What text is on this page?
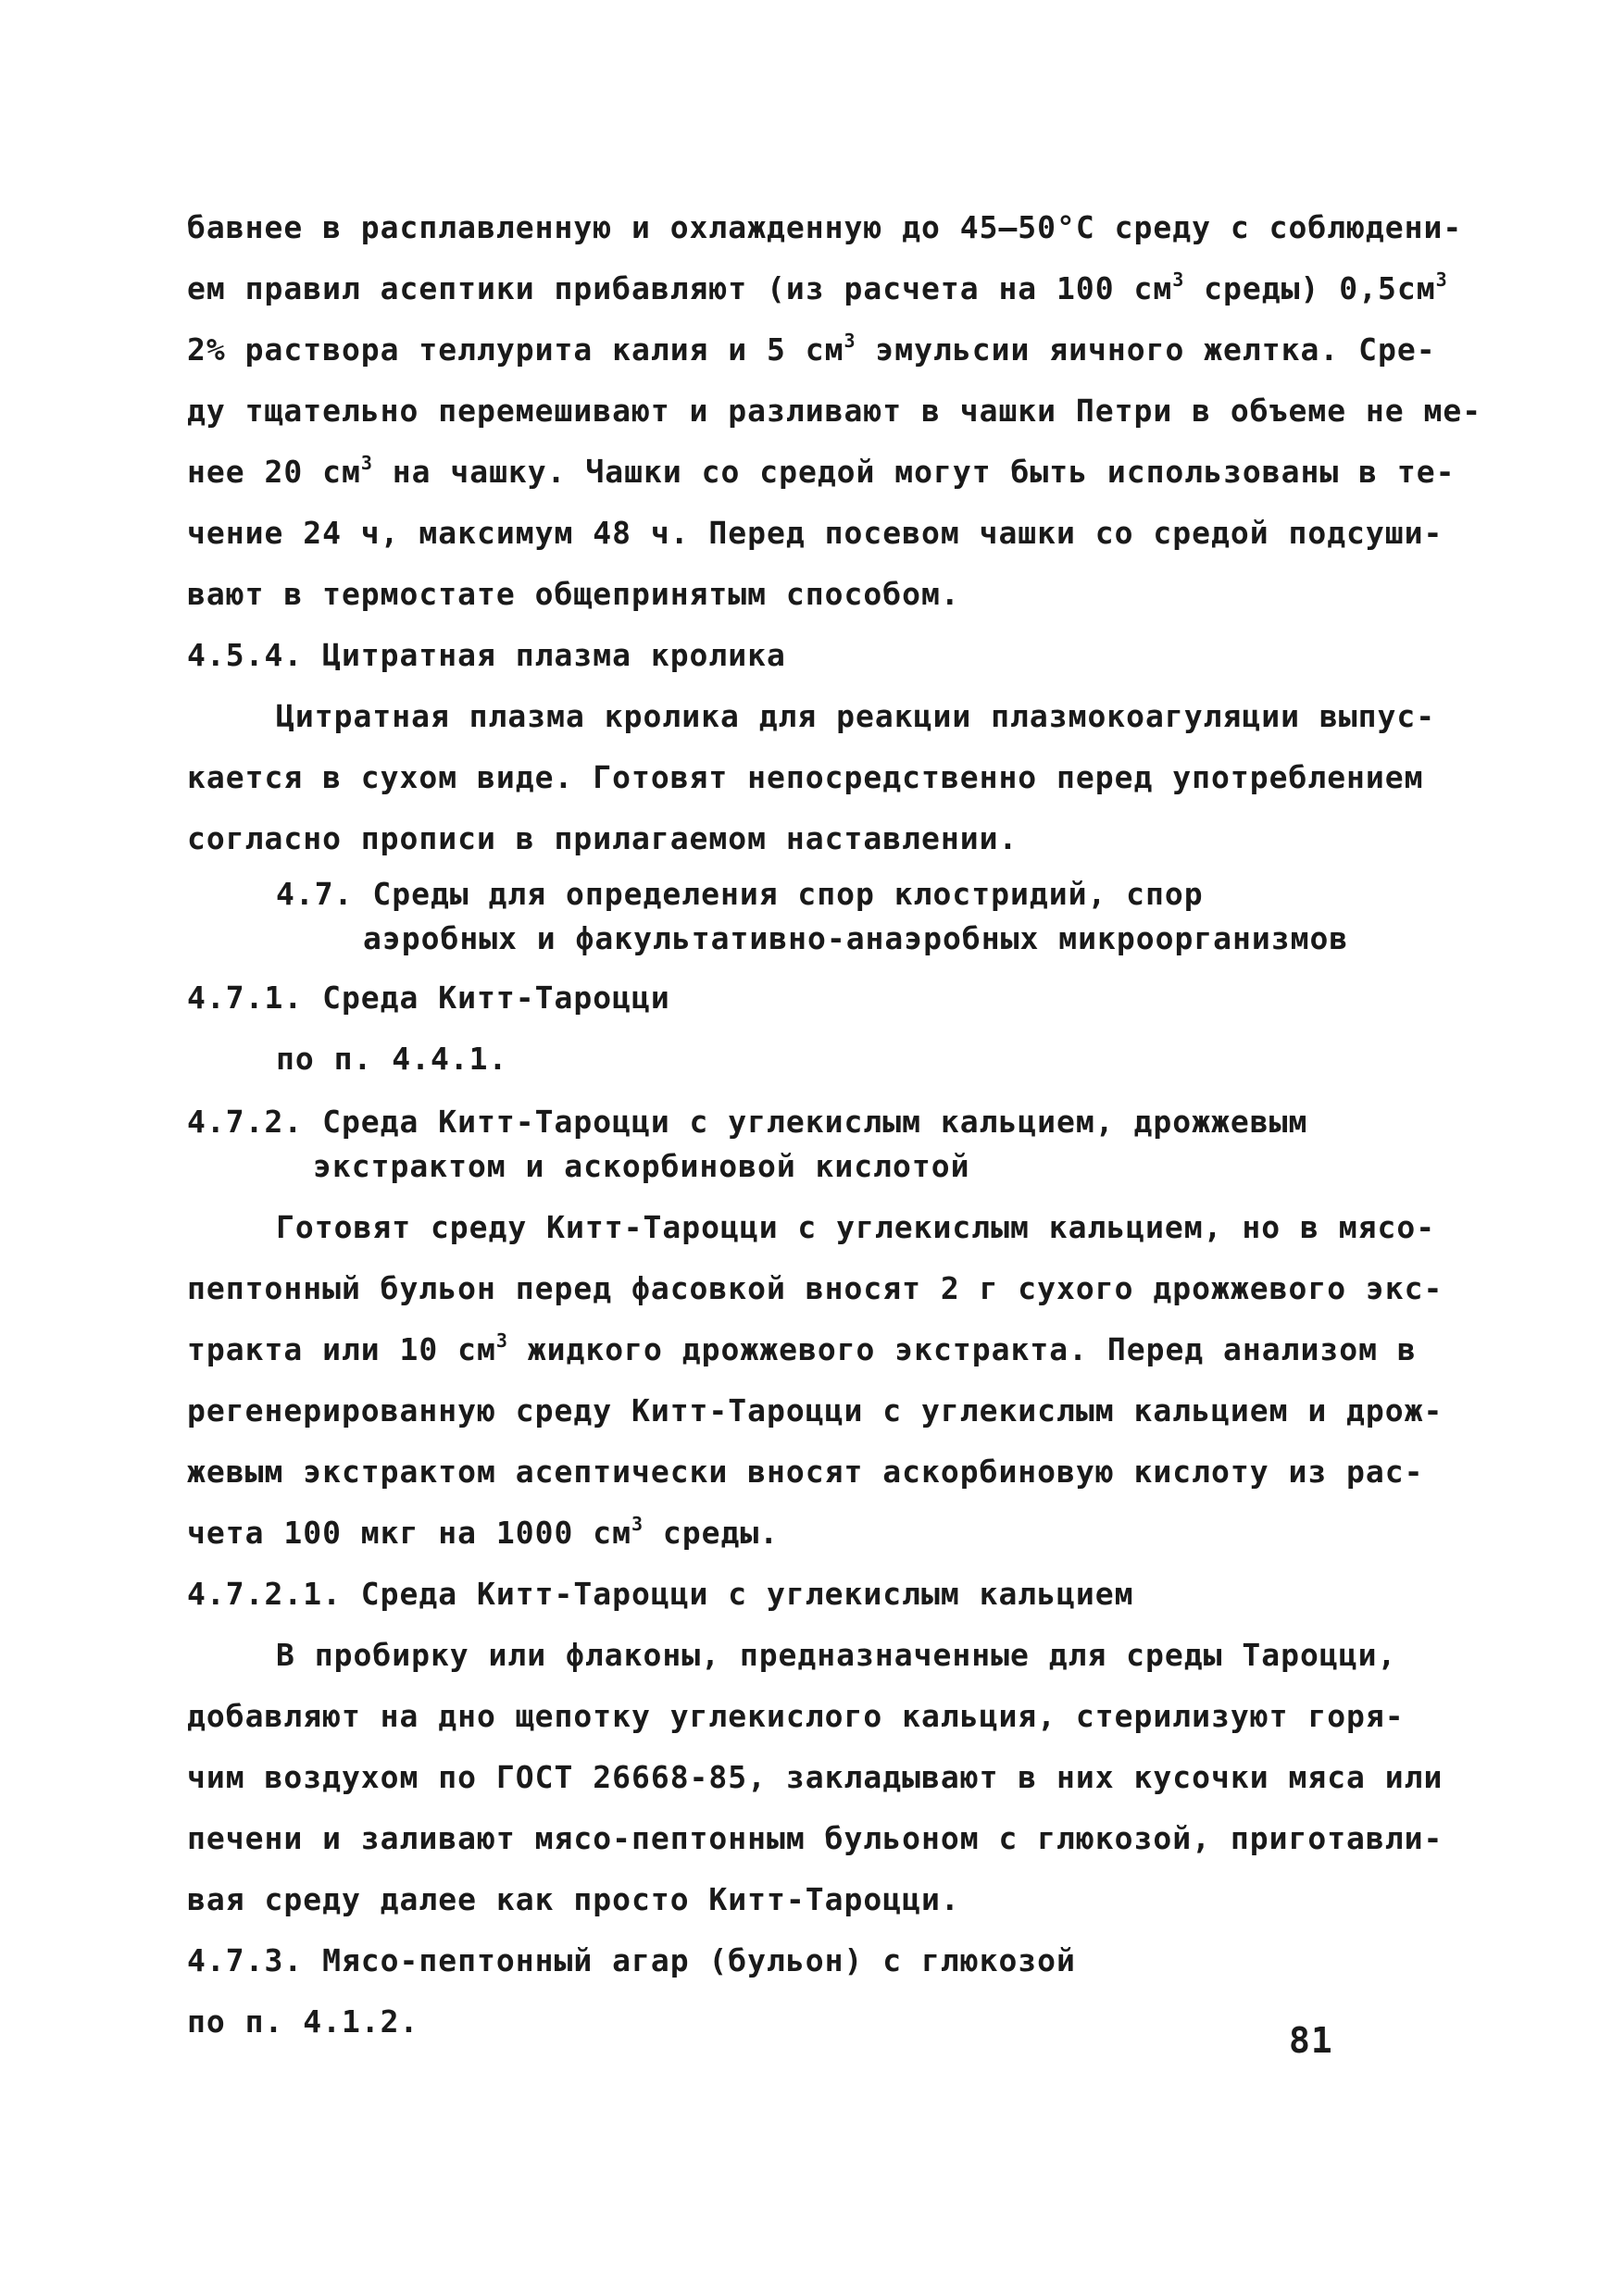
бавнее в расплавленную и охлажденную до 45–50°С среду с соблюдени-
ем правил асептики прибавляют (из расчета на 100 $см^3$ среды) $0,5см^3$
2% раствора теллурита калия и 5 $см^3$ эмульсии яичного желтка. Сре-
ду тщательно перемешивают и разливают в чашки Петри в объеме не ме-
нее 20 $см^3$ на чашку. Чашки со средой могут быть использованы в те-
чение 24 ч, максимум 48 ч. Перед посевом чашки со средой подсуши-
вают в термостате общепринятым способом.
4.5.4. Цитратная плазма кролика
Цитратная плазма кролика для реакции плазмокоагуляции выпус-
кается в сухом виде. Готовят непосредственно перед употреблением
согласно прописи в прилагаемом наставлении.
4.7. Среды для определения спор клостридий, спор
аэробных и факультативно-анаэробных микроорганизмов
4.7.1. Среда Китт-Тароцци
по п. 4.4.1.
4.7.2. Среда Китт-Тароцци с углекислым кальцием, дрожжевым
экстрактом и аскорбиновой кислотой
Готовят среду Китт-Тароцци с углекислым кальцием, но в мясо-
пептонный бульон перед фасовкой вносят 2 г сухого дрожжевого экс-
тракта или 10 $см^3$ жидкого дрожжевого экстракта. Перед анализом в
регенерированную среду Китт-Тароцци с углекислым кальцием и дрож-
жевым экстрактом асептически вносят аскорбиновую кислоту из рас-
чета 100 мкг на 1000 $см^3$ среды.
4.7.2.1. Среда Китт-Тароцци с углекислым кальцием
В пробирку или флаконы, предназначенные для среды Тароцци,
добавляют на дно щепотку углекислого кальция, стерилизуют горя-
чим воздухом по ГОСТ 26668-85, закладывают в них кусочки мяса или
печени и заливают мясо-пептонным бульоном с глюкозой, приготавли-
вая среду далее как просто Китт-Тароцци.
4.7.3. Мясо-пептонный агар (бульон) с глюкозой
по п. 4.1.2.	81
